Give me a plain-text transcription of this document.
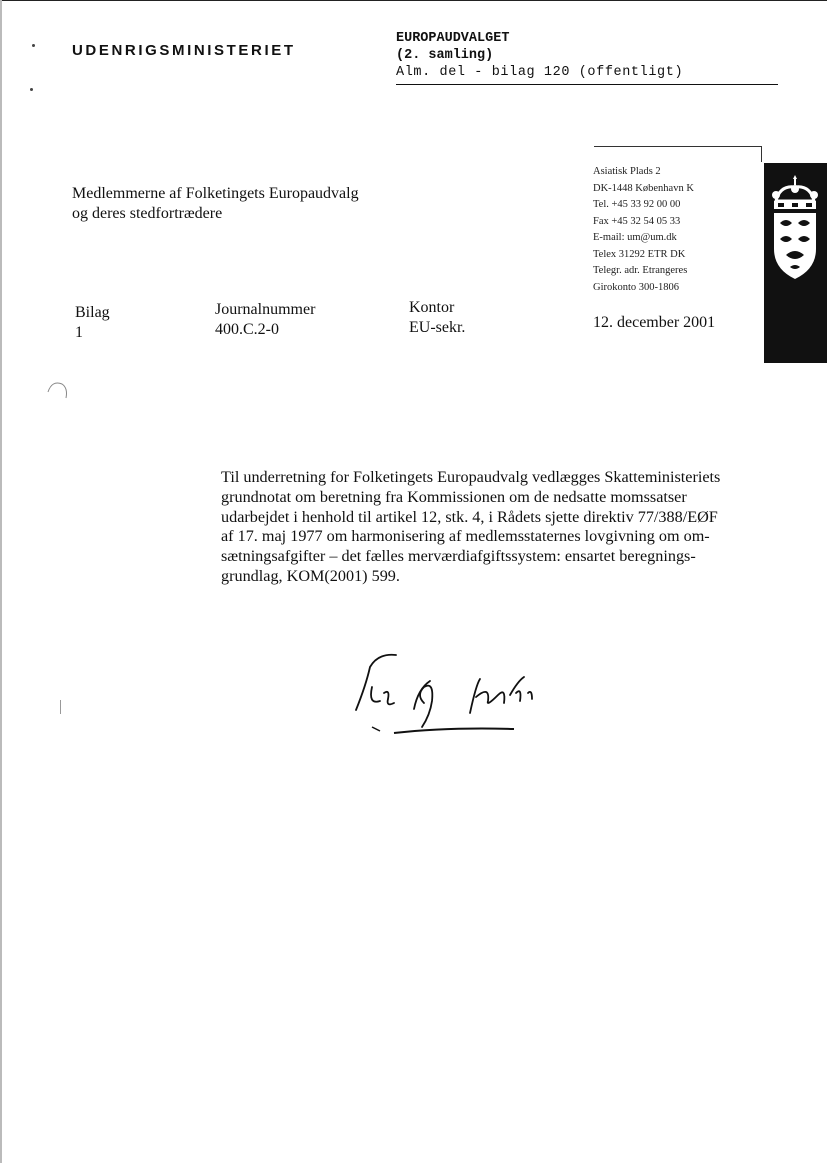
UDENRIGSMINISTERIET
EUROPAUDVALGET
(2. samling)
Alm. del - bilag 120 (offentligt)
Medlemmerne af Folketingets Europaudvalg
og deres stedfortrædere
Asiatisk Plads 2
DK-1448 København K
Tel. +45 33 92 00 00
Fax +45 32 54 05 33
E-mail: um@um.dk
Telex 31292 ETR DK
Telegr. adr. Etrangeres
Girokonto 300-1806
Bilag
1
Journalnummer
400.C.2-0
Kontor
EU-sekr.	12. december 2001
Til underretning for Folketingets Europaudvalg vedlægges Skatteministeriets
grundnotat om beretning fra Kommissionen om de nedsatte momssatser
udarbejdet i henhold til artikel 12, stk. 4, i Rådets sjette direktiv 77/388/EØF
af 17. maj 1977 om harmonisering af medlemsstaternes lovgivning om om-
sætningsafgifter – det fælles merværdiafgiftssystem: ensartet beregnings-
grundlag, KOM(2001) 599.
